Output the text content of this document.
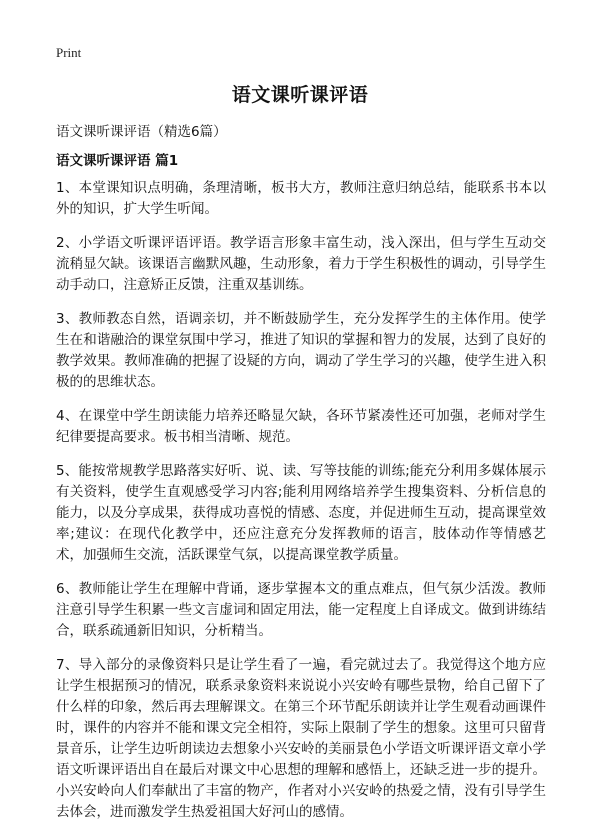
Print
语文课听课评语

语文课听课评语（精选6篇）

语文课听课评语 篇1

1、本堂课知识点明确，条理清晰，板书大方，教师注意归纳总结，能联系书本以外的知识，扩大学生听闻。

2、小学语文听课评语评语。教学语言形象丰富生动，浅入深出，但与学生互动交流稍显欠缺。该课语言幽默风趣，生动形象，着力于学生积极性的调动，引导学生动手动口，注意矫正反馈，注重双基训练。

3、教师教态自然，语调亲切，并不断鼓励学生，充分发挥学生的主体作用。使学生在和谐融洽的课堂氛围中学习，推进了知识的掌握和智力的发展，达到了良好的教学效果。教师准确的把握了设疑的方向，调动了学生学习的兴趣，使学生进入积极的的思维状态。

4、在课堂中学生朗读能力培养还略显欠缺，各环节紧凑性还可加强，老师对学生纪律要提高要求。板书相当清晰、规范。

5、能按常规教学思路落实好听、说、读、写等技能的训练;能充分利用多媒体展示有关资料，使学生直观感受学习内容;能利用网络培养学生搜集资料、分析信息的能力，以及分享成果，获得成功喜悦的情感、态度，并促进师生互动，提高课堂效率;建议：在现代化教学中，还应注意充分发挥教师的语言，肢体动作等情感艺术，加强师生交流，活跃课堂气氛，以提高课堂教学质量。

6、教师能让学生在理解中背诵，逐步掌握本文的重点难点，但气氛少活泼。教师注意引导学生积累一些文言虚词和固定用法，能一定程度上自译成文。做到讲练结合，联系疏通新旧知识，分析精当。

7、导入部分的录像资料只是让学生看了一遍，看完就过去了。我觉得这个地方应让学生根据预习的情况，联系录象资料来说说小兴安岭有哪些景物，给自己留下了什么样的印象，然后再去理解课文。在第三个环节配乐朗读并让学生观看动画课件时，课件的内容并不能和课文完全相符，实际上限制了学生的想象。这里可只留背景音乐，让学生边听朗读边去想象小兴安岭的美丽景色小学语文听课评语文章小学语文听课评语出自在最后对课文中心思想的理解和感悟上，还缺乏进一步的提升。小兴安岭向人们奉献出了丰富的物产，作者对小兴安岭的热爱之情，没有引导学生去体会，进而激发学生热爱祖国大好河山的感情。
